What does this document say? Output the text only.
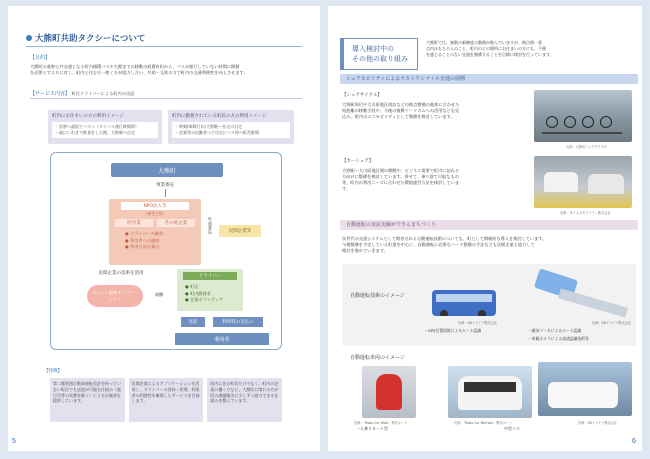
大熊町共助タクシーについて
【目的】
大熊町の基幹公共交通となる町内循環バスや大熊までの移動の経費負担から、バスが運行していない時間に移動
を必要とする方に対し、町内と住む方一般く方が協力し合い、共助・互助の力で町内の交通利便性を向上させます。
【サービス内容】 町民ドライバーによる町内の送迎
町内にお住まいの方の利用イメージ
・診察へ最短でバスへ（タイバス運行時間帯）
・現にいわきで飲食をした後、大野駅へ自宅
町内に勤務されている町民の方の利用イメージ
・時刻(車移行)の大野駅～社宅の自宅
・企業等の出勤者つで自宅にバス停へ町営駐場
大熊町
事業委託
NPO法人等
（運営主体）
町内業	その他企業
● ドライバーの確保
● 利用者への連絡
● 利用方法の案内
外部委託	民間企業等
民間企業の技術を活用
タクシー配車アプリケーション
報酬
ドライバー
● 町民
● 町内勤務者
● 企業ボランティア
送迎	利用料の支払い
利用者
【特徴】
第二種普通自動車運転免許を持っていない町民でも送迎が可能な仕組み（旅行代等の実費を除く）による伝統命を提供しています。
民間企業によるアプリケーションを活用し、ドライバーの登録・管理、利用者の利便性を確保したサービスを目指します。
町内に住む町民だけでなく、町内の企業に働く方など、大熊町に関わる方が町の課題解決に少しずつ協力できる仕組みを整えています。
5
導入検討中の
その他の取り組み
大熊町では、複数の新制度の整備が進んでいますが、拠点間・重
点内ほもちろんのこと、町内のどの場所にお住まいの方にも、不便
を感じることのない交通を整備することを目標に検討を行っています。
シェアモビリティによるラストワンマイル交通の展開
【シェアサイクル】
大野駅周辺や大川原地区商店などの拠点整備の進捗に合わせた
短距離の移動手段や、今後の復興ツーリズムへの活用なども見
込み、町内のエコモビリティとして整備を検討しています。
写真：大熊町シェアサイクル
【カーシェア】
大野駅～大川原地区間の移動や、ビジネス需要で町内に訪れる
方向けに整備を検討しています。併せて、乗り捨て可能なもの
等、町内の利用ニーズに合わせた環境運営方法を検討していま
す。
出典：タイムズモビリティ株式会社
自動運転の実証実験ができるまちづくり
次世代の交通システムとして期待される自動運転技術についても、町として積極的な導入を検討しています。
今後整備を予定している町道を中心に、自動運転に必要なハード整備の手法なども民間企業と協力して
検討を進めていきます。
自動運転技術のイメージ
出典：SBドライブ株式会社	出典：SBドライブ株式会社
・GPS位置情報によるルート認識	・磁気マーカによるルート認識
・車載カメラによる高速認識技術等
自動運転車両のイメージ
出典：「Robo Car Walk」株式ルート	出典：「Robo Car MiniVan」株式ルート	出典：SBドライブ株式会社
一人乗りカート型	中型バス
6
